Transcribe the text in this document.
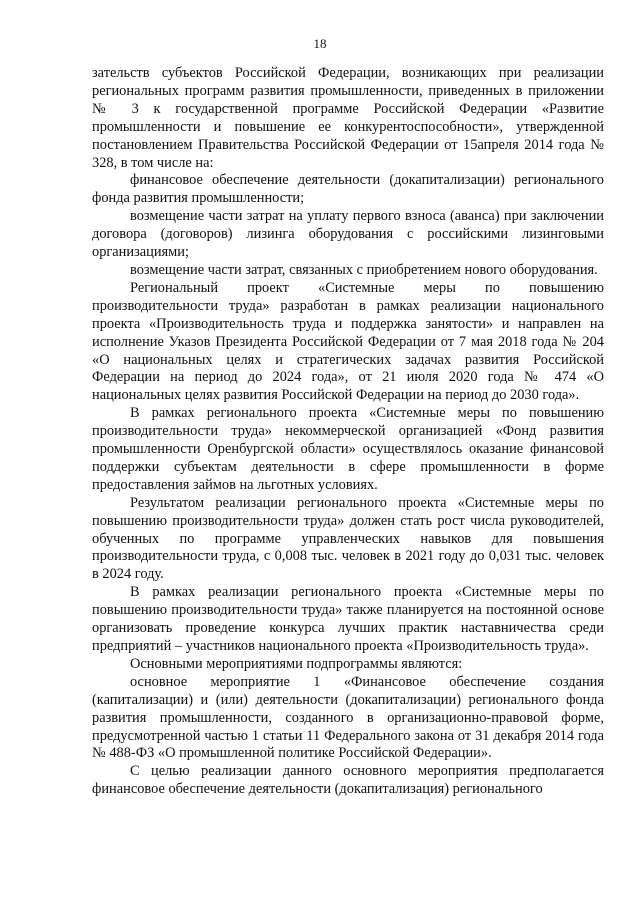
18

зательств субъектов Российской Федерации, возникающих при реализации региональных программ развития промышленности, приведенных в приложении № 3 к государственной программе Российской Федерации «Развитие промышленности и повышение ее конкурентоспособности», утвержденной постановлением Правительства Российской Федерации от 15апреля 2014 года № 328, в том числе на:

финансовое обеспечение деятельности (докапитализации) регионального фонда развития промышленности;

возмещение части затрат на уплату первого взноса (аванса) при заключении договора (договоров) лизинга оборудования с российскими лизинговыми организациями;

возмещение части затрат, связанных с приобретением нового оборудования.

Региональный проект «Системные меры по повышению производительности труда» разработан в рамках реализации национального проекта «Производительность труда и поддержка занятости» и направлен на исполнение Указов Президента Российской Федерации от 7 мая 2018 года № 204 «О национальных целях и стратегических задачах развития Российской Федерации на период до 2024 года», от 21 июля 2020 года № 474 «О национальных целях развития Российской Федерации на период до 2030 года».

В рамках регионального проекта «Системные меры по повышению производительности труда» некоммерческой организацией «Фонд развития промышленности Оренбургской области» осуществлялось оказание финансовой поддержки субъектам деятельности в сфере промышленности в форме предоставления займов на льготных условиях.

Результатом реализации регионального проекта «Системные меры по повышению производительности труда» должен стать рост числа руководителей, обученных по программе управленческих навыков для повышения производительности труда, с 0,008 тыс. человек в 2021 году до 0,031 тыс. человек в 2024 году.

В рамках реализации регионального проекта «Системные меры по повышению производительности труда» также планируется на постоянной основе организовать проведение конкурса лучших практик наставничества среди предприятий – участников национального проекта «Производительность труда».

Основными мероприятиями подпрограммы являются:

основное мероприятие 1 «Финансовое обеспечение создания (капитализации) и (или) деятельности (докапитализации) регионального фонда развития промышленности, созданного в организационно-правовой форме, предусмотренной частью 1 статьи 11 Федерального закона от 31 декабря 2014 года № 488-ФЗ «О промышленной политике Российской Федерации».

С целью реализации данного основного мероприятия предполагается финансовое обеспечение деятельности (докапитализация) регионального
